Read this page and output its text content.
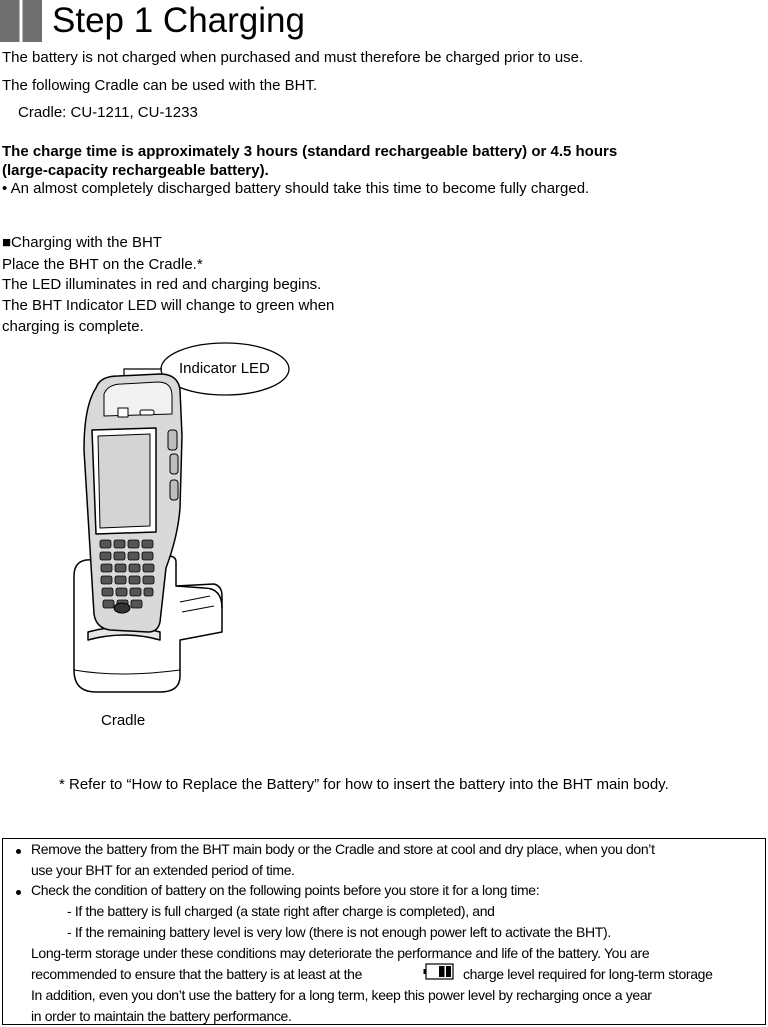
Step 1 Charging
The battery is not charged when purchased and must therefore be charged prior to use.
The following Cradle can be used with the BHT.
Cradle: CU-1211, CU-1233
The charge time is approximately 3 hours (standard rechargeable battery) or 4.5 hours
(large-capacity rechargeable battery).
• An almost completely discharged battery should take this time to become fully charged.
■Charging with the BHT
Place the BHT on the Cradle.*
The LED illuminates in red and charging begins.
The BHT Indicator LED will change to green when
charging is complete.
Indicator LED
Cradle
* Refer to “How to Replace the Battery” for how to insert the battery into the BHT main body.
Remove the battery from the BHT main body or the Cradle and store at cool and dry place, when you don’t
use your BHT for an extended period of time.
Check the condition of battery on the following points before you store it for a long time:
- If the battery is full charged (a state right after charge is completed), and
- If the remaining battery level is very low (there is not enough power left to activate the BHT).
Long-term storage under these conditions may deteriorate the performance and life of the battery. You are
recommended to ensure that the battery is at least at the	charge level required for long-term storage
In addition, even you don’t use the battery for a long term, keep this power level by recharging once a year
in order to maintain the battery performance.
